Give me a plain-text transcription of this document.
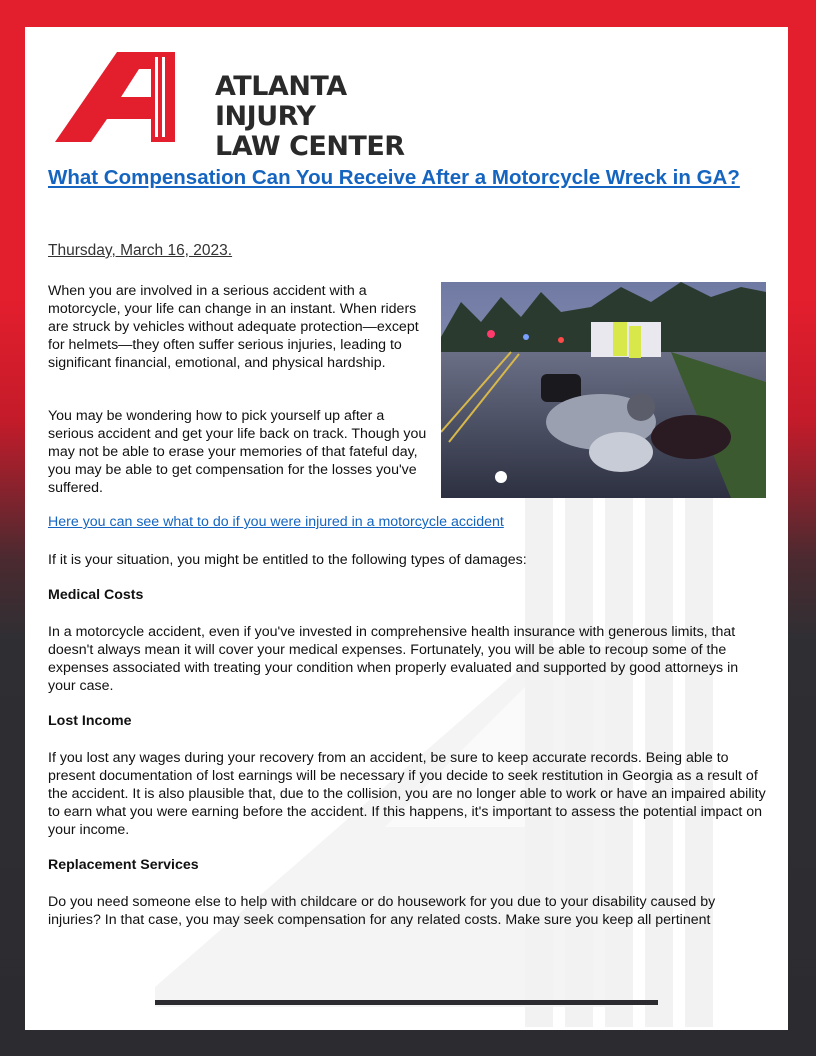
ATLANTA
INJURY
LAW CENTER
What Compensation Can You Receive After a Motorcycle Wreck in GA?
Thursday, March 16, 2023.
When you are involved in a serious accident with a motorcycle, your life can change in an instant. When riders are struck by vehicles without adequate protection—except for helmets—they often suffer serious injuries, leading to significant financial, emotional, and physical hardship.
You may be wondering how to pick yourself up after a serious accident and get your life back on track. Though you may not be able to erase your memories of that fateful day, you may be able to get compensation for the losses you've suffered.
Here you can see what to do if you were injured in a motorcycle accident
If it is your situation, you might be entitled to the following types of damages:
Medical Costs
In a motorcycle accident, even if you've invested in comprehensive health insurance with generous limits, that doesn't always mean it will cover your medical expenses. Fortunately, you will be able to recoup some of the expenses associated with treating your condition when properly evaluated and supported by good attorneys in your case.
Lost Income
If you lost any wages during your recovery from an accident, be sure to keep accurate records. Being able to present documentation of lost earnings will be necessary if you decide to seek restitution in Georgia as a result of the accident. It is also plausible that, due to the collision, you are no longer able to work or have an impaired ability to earn what you were earning before the accident. If this happens, it's important to assess the potential impact on your income.
Replacement Services
Do you need someone else to help with childcare or do housework for you due to your disability caused by injuries? In that case, you may seek compensation for any related costs. Make sure you keep all pertinent
